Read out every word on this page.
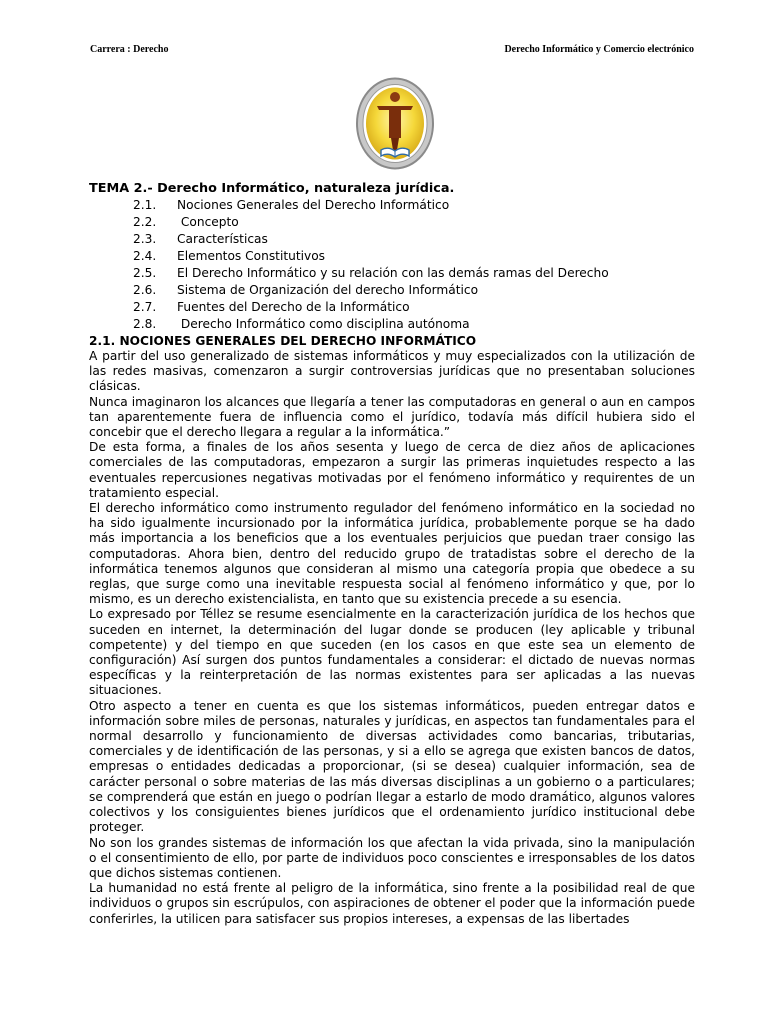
Carrera : Derecho	Derecho Informático y Comercio electrónico

TEMA 2.- Derecho Informático, naturaleza jurídica.

2.1.	Nociones Generales del Derecho Informático
2.2.	Concepto
2.3.	Características
2.4.	Elementos Constitutivos
2.5.	El Derecho Informático y su relación con las demás ramas del Derecho
2.6.	Sistema de Organización del derecho Informático
2.7.	Fuentes del Derecho de la Informático
2.8.	Derecho Informático como disciplina autónoma

2.1. NOCIONES GENERALES DEL DERECHO INFORMÁTICO

A partir del uso generalizado de sistemas informáticos y muy especializados con la utilización de las redes masivas, comenzaron a surgir controversias jurídicas que no presentaban soluciones clásicas.

Nunca imaginaron los alcances que llegaría a tener las computadoras en general o aun en campos tan aparentemente fuera de influencia como el jurídico, todavía más difícil hubiera sido el concebir que el derecho llegara a regular a la informática.”

De esta forma, a finales de los años sesenta y luego de cerca de diez años de aplicaciones comerciales de las computadoras, empezaron a surgir las primeras inquietudes respecto a las eventuales repercusiones negativas motivadas por el fenómeno informático y requirentes de un tratamiento especial.

El derecho informático como instrumento regulador del fenómeno informático en la sociedad no ha sido igualmente incursionado por la informática jurídica, probablemente porque se ha dado más importancia a los beneficios que a los eventuales perjuicios que puedan traer consigo las computadoras. Ahora bien, dentro del reducido grupo de tratadistas sobre el derecho de la informática tenemos algunos que consideran al mismo una categoría propia que obedece a su reglas, que surge como una inevitable respuesta social al fenómeno informático y que, por lo mismo, es un derecho existencialista, en tanto que su existencia precede a su esencia.

Lo expresado por Téllez se resume esencialmente en la caracterización jurídica de los hechos que suceden en internet, la determinación del lugar donde se producen (ley aplicable y tribunal competente) y del tiempo en que suceden (en los casos en que este sea un elemento de configuración) Así surgen dos puntos fundamentales a considerar: el dictado de nuevas normas específicas y la reinterpretación de las normas existentes para ser aplicadas a las nuevas situaciones.

Otro aspecto a tener en cuenta es que los sistemas informáticos, pueden entregar datos e información sobre miles de personas, naturales y jurídicas, en aspectos tan fundamentales para el normal desarrollo y funcionamiento de diversas actividades como bancarias, tributarias, comerciales y de identificación de las personas, y si a ello se agrega que existen bancos de datos, empresas o entidades dedicadas a proporcionar, (si se desea) cualquier información, sea de carácter personal o sobre materias de las más diversas disciplinas a un gobierno o a particulares; se comprenderá que están en juego o podrían llegar a estarlo de modo dramático, algunos valores colectivos y los consiguientes bienes jurídicos que el ordenamiento jurídico institucional debe proteger.

No son los grandes sistemas de información los que afectan la vida privada, sino la manipulación o el consentimiento de ello, por parte de individuos poco conscientes e irresponsables de los datos que dichos sistemas contienen.

La humanidad no está frente al peligro de la informática, sino frente a la posibilidad real de que individuos o grupos sin escrúpulos, con aspiraciones de obtener el poder que la información puede conferirles, la utilicen para satisfacer sus propios intereses, a expensas de las libertades
